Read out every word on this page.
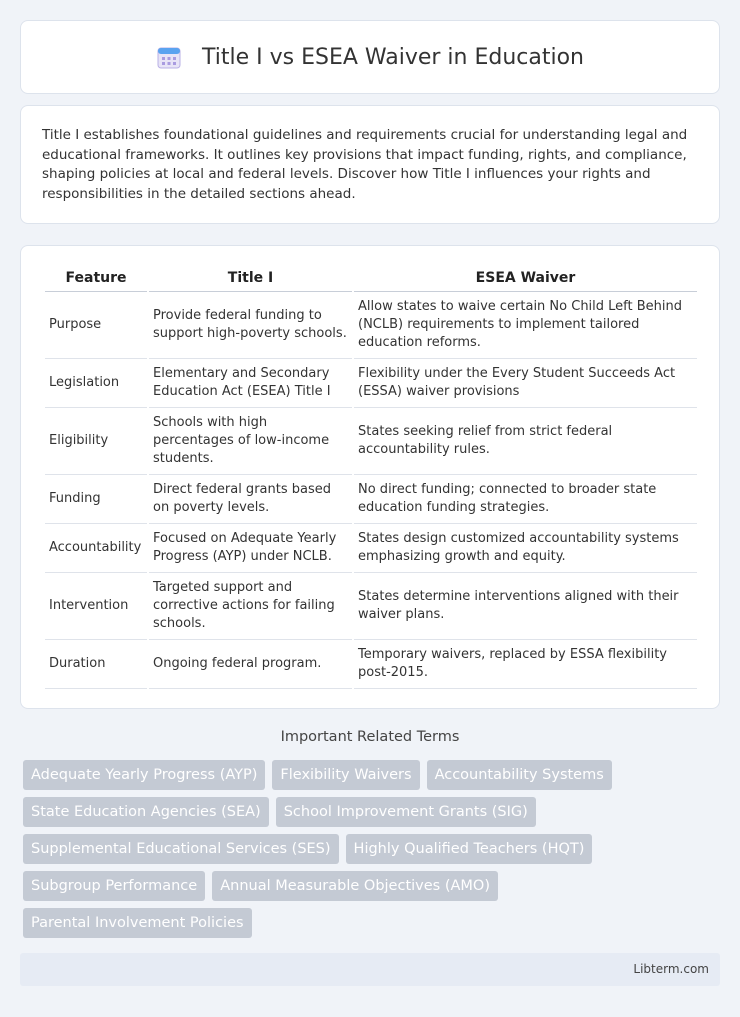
Title I vs ESEA Waiver in Education

Title I establishes foundational guidelines and requirements crucial for understanding legal and educational frameworks. It outlines key provisions that impact funding, rights, and compliance, shaping policies at local and federal levels. Discover how Title I influences your rights and responsibilities in the detailed sections ahead.

Feature	Title I	ESEA Waiver
Purpose	Provide federal funding to support high-poverty schools.	Allow states to waive certain No Child Left Behind (NCLB) requirements to implement tailored education reforms.
Legislation	Elementary and Secondary Education Act (ESEA) Title I	Flexibility under the Every Student Succeeds Act (ESSA) waiver provisions
Eligibility	Schools with high percentages of low-income students.	States seeking relief from strict federal accountability rules.
Funding	Direct federal grants based on poverty levels.	No direct funding; connected to broader state education funding strategies.
Accountability	Focused on Adequate Yearly Progress (AYP) under NCLB.	States design customized accountability systems emphasizing growth and equity.
Intervention	Targeted support and corrective actions for failing schools.	States determine interventions aligned with their waiver plans.
Duration	Ongoing federal program.	Temporary waivers, replaced by ESSA flexibility post-2015.
Important Related Terms
Adequate Yearly Progress (AYP)	Flexibility Waivers	Accountability Systems
State Education Agencies (SEA)	School Improvement Grants (SIG)
Supplemental Educational Services (SES)	Highly Qualified Teachers (HQT)
Subgroup Performance	Annual Measurable Objectives (AMO)
Parental Involvement Policies
Libterm.com
